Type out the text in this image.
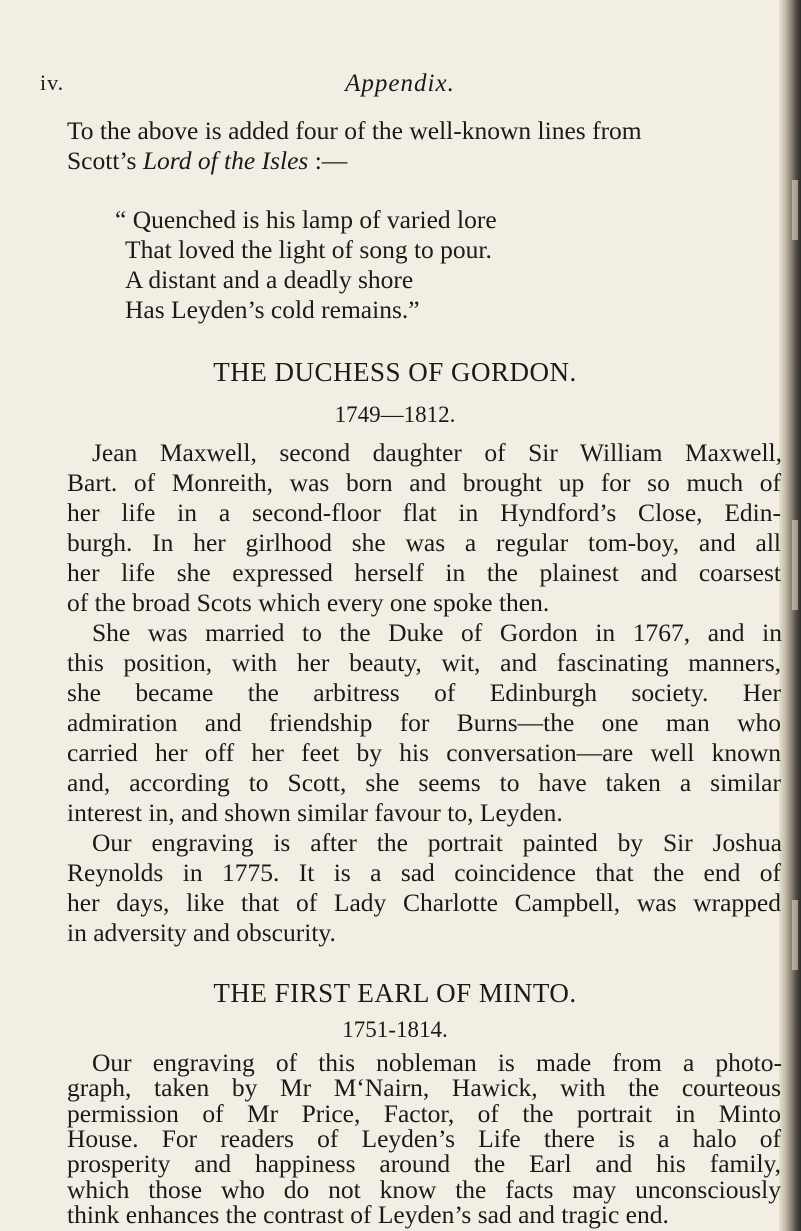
iv.	Appendix.
To the above is added four of the well-known lines from
Scott’s Lord of the Isles :—
“ Quenched is his lamp of varied lore
That loved the light of song to pour.
A distant and a deadly shore
Has Leyden’s cold remains.”
THE DUCHESS OF GORDON.
1749—1812.
Jean Maxwell, second daughter of Sir William Maxwell,
Bart. of Monreith, was born and brought up for so much of
her life in a second-floor flat in Hyndford’s Close, Edin-
burgh. In her girlhood she was a regular tom-boy, and all
her life she expressed herself in the plainest and coarsest
of the broad Scots which every one spoke then.
She was married to the Duke of Gordon in 1767, and in
this position, with her beauty, wit, and fascinating manners,
she became the arbitress of Edinburgh society. Her
admiration and friendship for Burns—the one man who
carried her off her feet by his conversation—are well known
and, according to Scott, she seems to have taken a similar
interest in, and shown similar favour to, Leyden.
Our engraving is after the portrait painted by Sir Joshua
Reynolds in 1775. It is a sad coincidence that the end of
her days, like that of Lady Charlotte Campbell, was wrapped
in adversity and obscurity.
THE FIRST EARL OF MINTO.
1751-1814.
Our engraving of this nobleman is made from a photo-
graph, taken by Mr M‘Nairn, Hawick, with the courteous
permission of Mr Price, Factor, of the portrait in Minto
House. For readers of Leyden’s Life there is a halo of
prosperity and happiness around the Earl and his family,
which those who do not know the facts may unconsciously
think enhances the contrast of Leyden’s sad and tragic end.
